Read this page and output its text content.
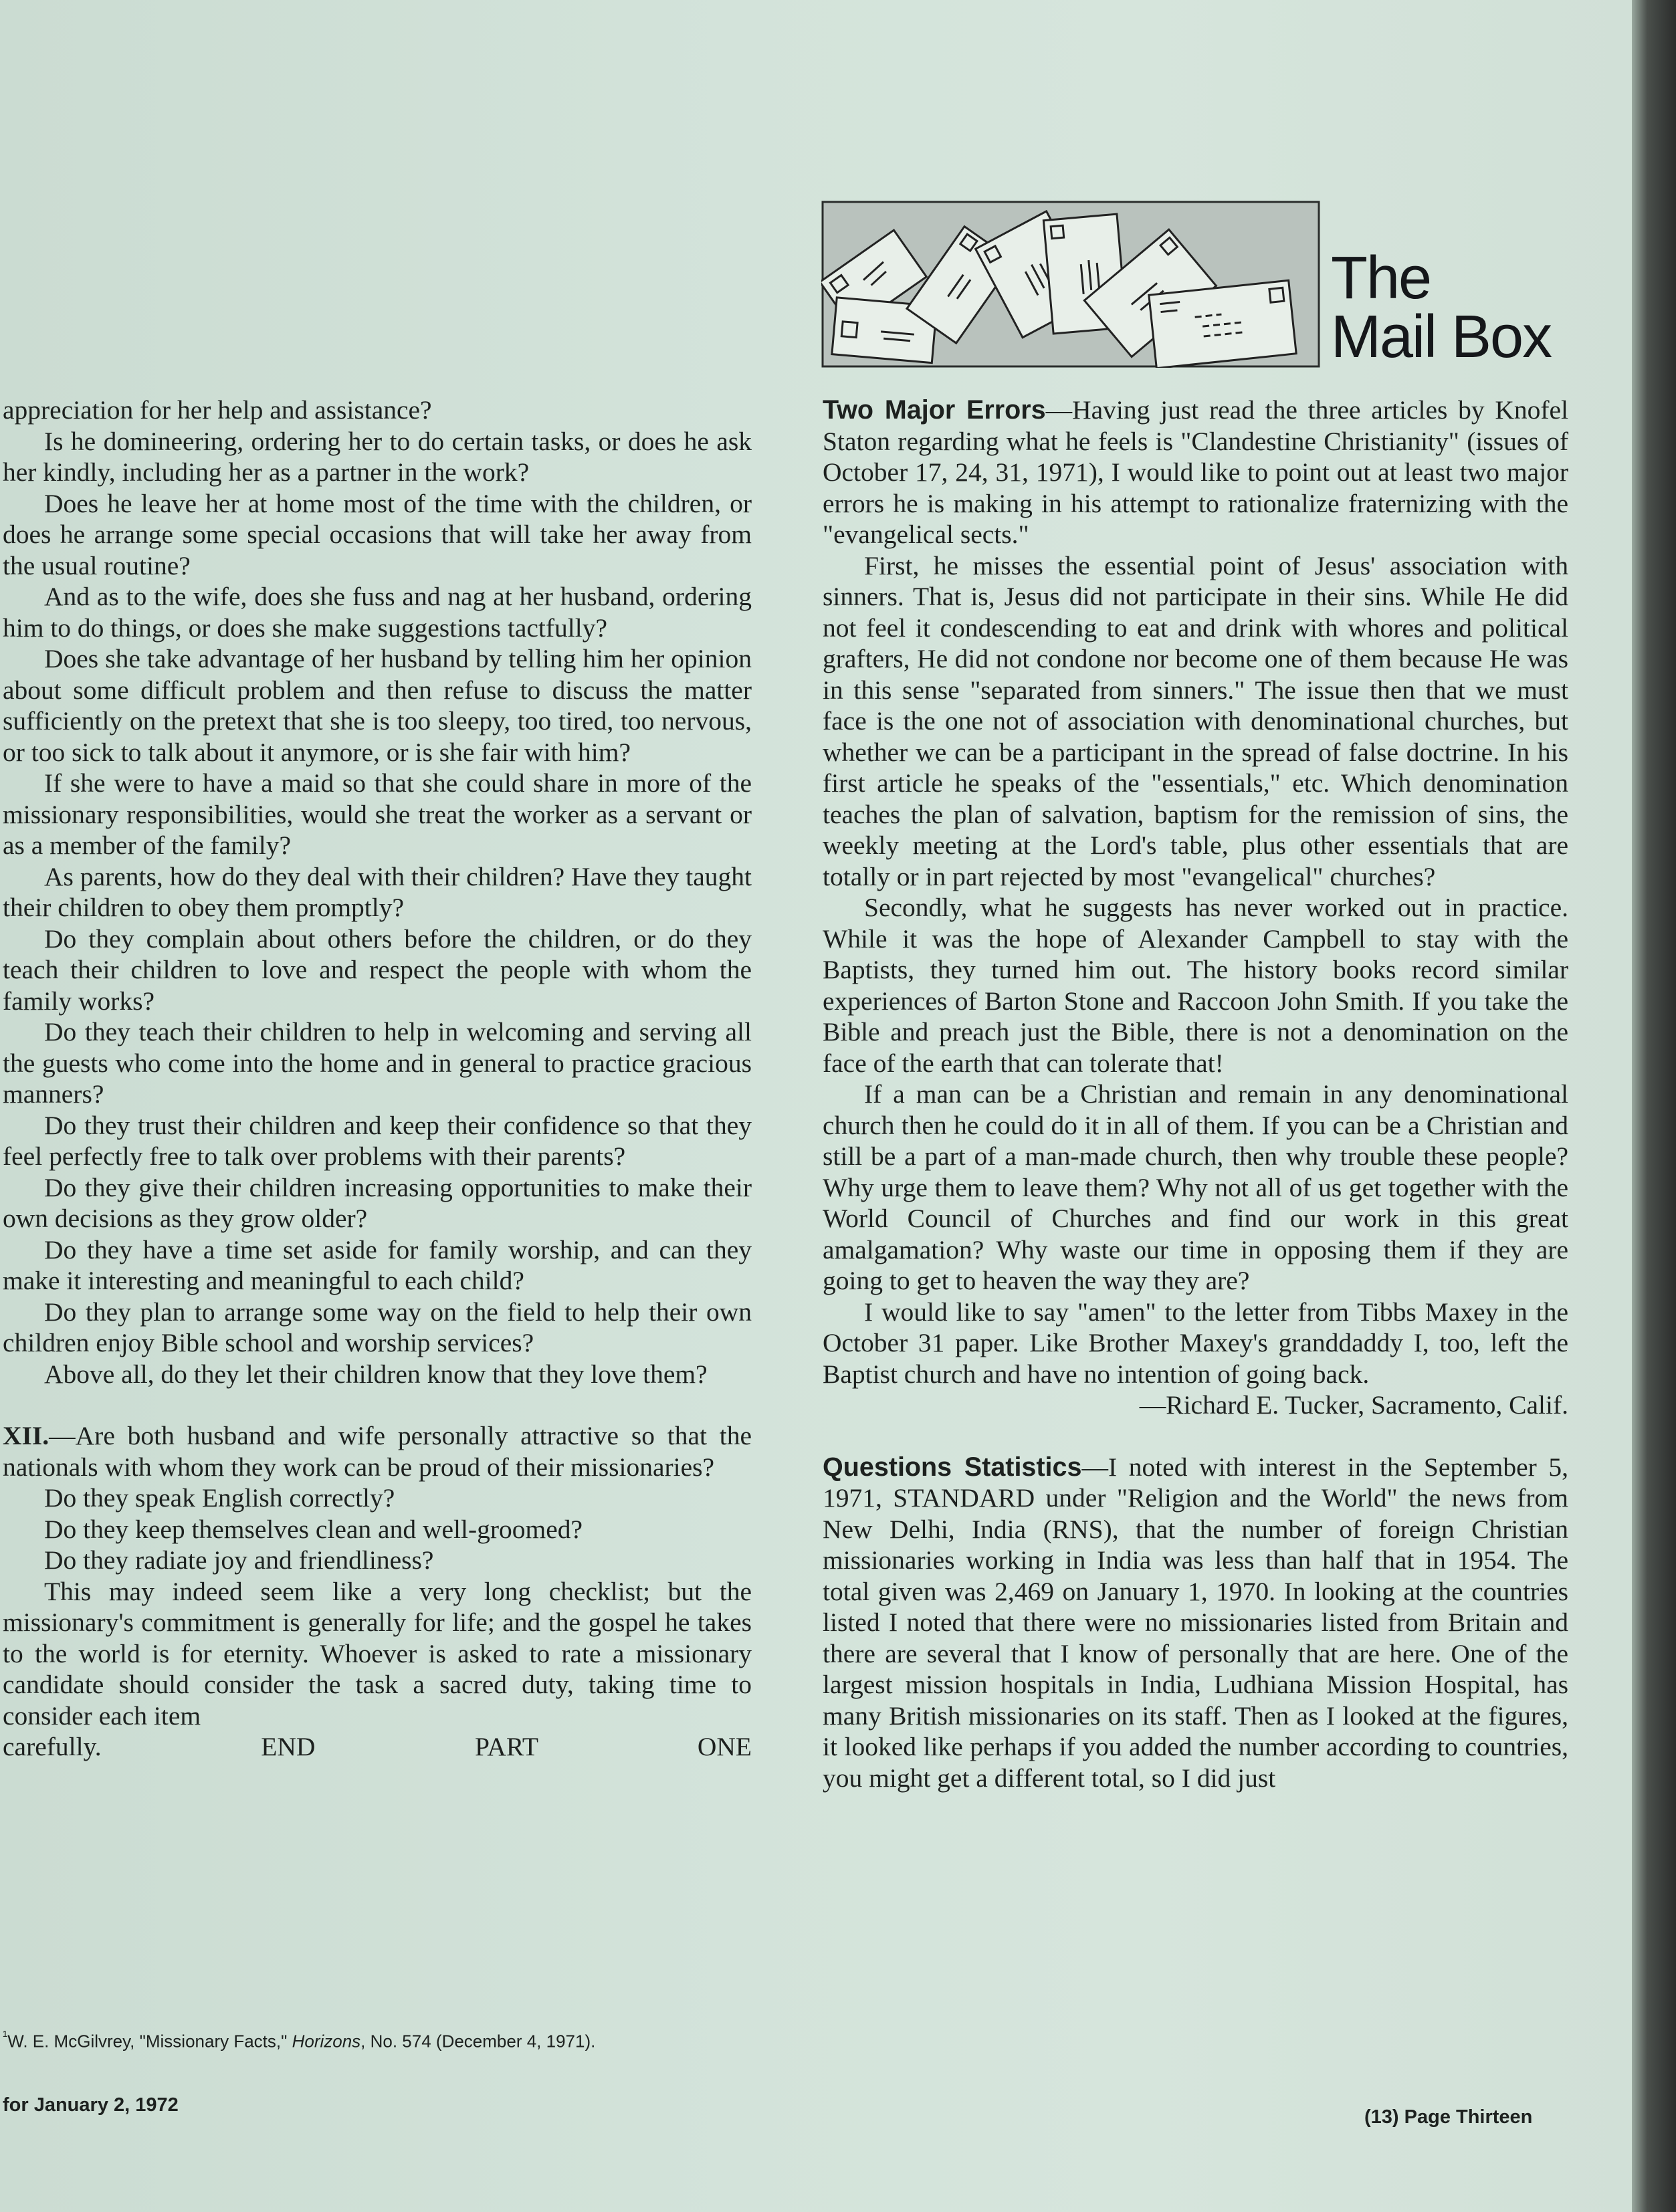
The
Mail Box

appreciation for her help and assistance?

Is he domineering, ordering her to do certain tasks, or does he ask her kindly, including her as a partner in the work?

Does he leave her at home most of the time with the children, or does he arrange some special occasions that will take her away from the usual routine?

And as to the wife, does she fuss and nag at her husband, ordering him to do things, or does she make suggestions tactfully?

Does she take advantage of her husband by telling him her opinion about some difficult problem and then refuse to discuss the matter sufficiently on the pretext that she is too sleepy, too tired, too nervous, or too sick to talk about it anymore, or is she fair with him?

If she were to have a maid so that she could share in more of the missionary responsibilities, would she treat the worker as a servant or as a member of the family?

As parents, how do they deal with their children? Have they taught their children to obey them promptly?

Do they complain about others before the children, or do they teach their children to love and respect the people with whom the family works?

Do they teach their children to help in welcoming and serving all the guests who come into the home and in general to practice gracious manners?

Do they trust their children and keep their confidence so that they feel perfectly free to talk over problems with their parents?

Do they give their children increasing opportunities to make their own decisions as they grow older?

Do they have a time set aside for family worship, and can they make it interesting and meaningful to each child?

Do they plan to arrange some way on the field to help their own children enjoy Bible school and worship services?

Above all, do they let their children know that they love them?

XII.—Are both husband and wife personally attractive so that the nationals with whom they work can be proud of their missionaries?

Do they speak English correctly?

Do they keep themselves clean and well-groomed?

Do they radiate joy and friendliness?

This may indeed seem like a very long checklist; but the missionary's commitment is generally for life; and the gospel he takes to the world is for eternity. Whoever is asked to rate a missionary candidate should consider the task a sacred duty, taking time to consider each item

carefully.	END PART ONE

$^{^1}$W. E. McGilvrey, "Missionary Facts," Horizons, No. 574 (December 4, 1971).

Two Major Errors—Having just read the three articles by Knofel Staton regarding what he feels is "Clandestine Christianity" (issues of October 17, 24, 31, 1971), I would like to point out at least two major errors he is making in his attempt to rationalize fraternizing with the "evangelical sects."

First, he misses the essential point of Jesus' association with sinners. That is, Jesus did not participate in their sins. While He did not feel it condescending to eat and drink with whores and political grafters, He did not condone nor become one of them because He was in this sense "separated from sinners." The issue then that we must face is the one not of association with denominational churches, but whether we can be a participant in the spread of false doctrine. In his first article he speaks of the "essentials," etc. Which denomination teaches the plan of salvation, baptism for the remission of sins, the weekly meeting at the Lord's table, plus other essentials that are totally or in part rejected by most "evangelical" churches?

Secondly, what he suggests has never worked out in practice. While it was the hope of Alexander Campbell to stay with the Baptists, they turned him out. The history books record similar experiences of Barton Stone and Raccoon John Smith. If you take the Bible and preach just the Bible, there is not a denomination on the face of the earth that can tolerate that!

If a man can be a Christian and remain in any denominational church then he could do it in all of them. If you can be a Christian and still be a part of a man-made church, then why trouble these people? Why urge them to leave them? Why not all of us get together with the World Council of Churches and find our work in this great amalgamation? Why waste our time in opposing them if they are going to get to heaven the way they are?

I would like to say "amen" to the letter from Tibbs Maxey in the October 31 paper. Like Brother Maxey's granddaddy I, too, left the Baptist church and have no intention of going back.

—Richard E. Tucker, Sacramento, Calif.

Questions Statistics—I noted with interest in the September 5, 1971, STANDARD under "Religion and the World" the news from New Delhi, India (RNS), that the number of foreign Christian missionaries working in India was less than half that in 1954. The total given was 2,469 on January 1, 1970. In looking at the countries listed I noted that there were no missionaries listed from Britain and there are several that I know of personally that are here. One of the largest mission hospitals in India, Ludhiana Mission Hospital, has many British missionaries on its staff. Then as I looked at the figures, it looked like perhaps if you added the number according to countries, you might get a different total, so I did just

for January 2, 1972
(13) Page Thirteen
